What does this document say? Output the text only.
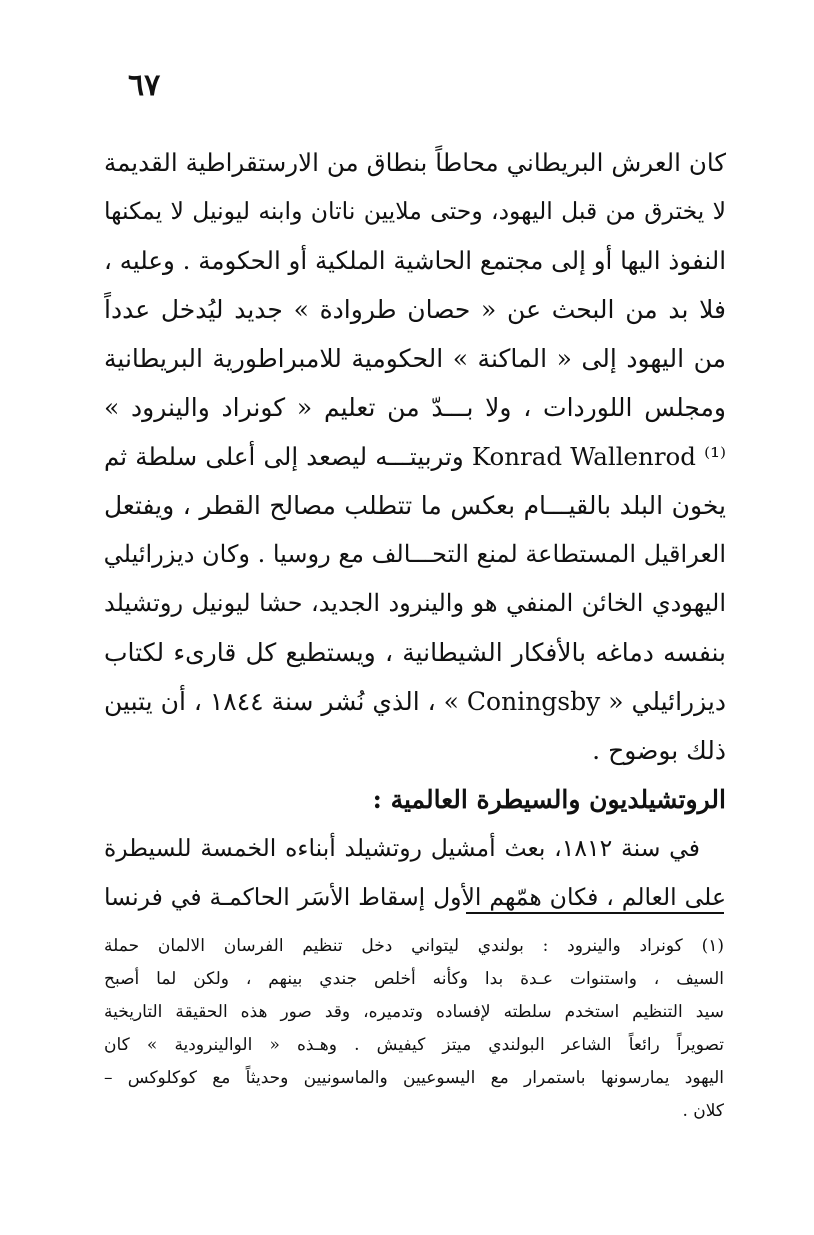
٦٧
كان العرش البريطاني محاطاً بنطاق من الارستقراطية القديمة
لا يخترق من قبل اليهود، وحتى ملايين ناتان وابنه ليونيل لا يمكنها
النفوذ اليها أو إلى مجتمع الحاشية الملكية أو الحكومة . وعليه ،
فلا بد من البحث عن « حصان طروادة » جديد ليُدخل عدداً
من اليهود إلى « الماكنة » الحكومية للامبراطورية البريطانية
ومجلس اللوردات ، ولا بـــدّ من تعليم « كونراد والينرود »
Konrad Wallenrod ⁽¹⁾ وتربيتـــه ليصعد إلى أعلى سلطة ثم
يخون البلد بالقيـــام بعكس ما تتطلب مصالح القطر ، ويفتعل
العراقيل المستطاعة لمنع التحـــالف مع روسيا . وكان ديزرائيلي
اليهودي الخائن المنفي هو والينرود الجديد، حشا ليونيل روتشيلد
بنفسه دماغه بالأفكار الشيطانية ، ويستطيع كل قارىء لكتاب
ديزرائيلي « Coningsby » ، الذي نُشر سنة ١٨٤٤ ، أن يتبين
ذلك بوضوح .
الروتشيلديون والسيطرة العالمية :
في سنة ١٨١٢، بعث أمشيل روتشيلد أبناءه الخمسة للسيطرة
على العالم ، فكان همّهم الأول إسقاط الأسَر الحاكمـة في فرنسا
(١) كونراد والينرود : بولندي ليتواني دخل تنظيم الفرسان الالمان حملة
السيف ، واستنوات عـدة بدا وكأنه أخلص جندي بينهم ، ولكن لما أصبح
سيد التنظيم استخدم سلطته لإفساده وتدميره، وقد صور هذه الحقيقة التاريخية
تصويراً رائعاً الشاعر البولندي ميتز كيفيش . وهـذه « الوالينرودية » كان
اليهود يمارسونها باستمرار مع اليسوعيين والماسونيين وحديثاً مع كوكلوكس –
كلان .
